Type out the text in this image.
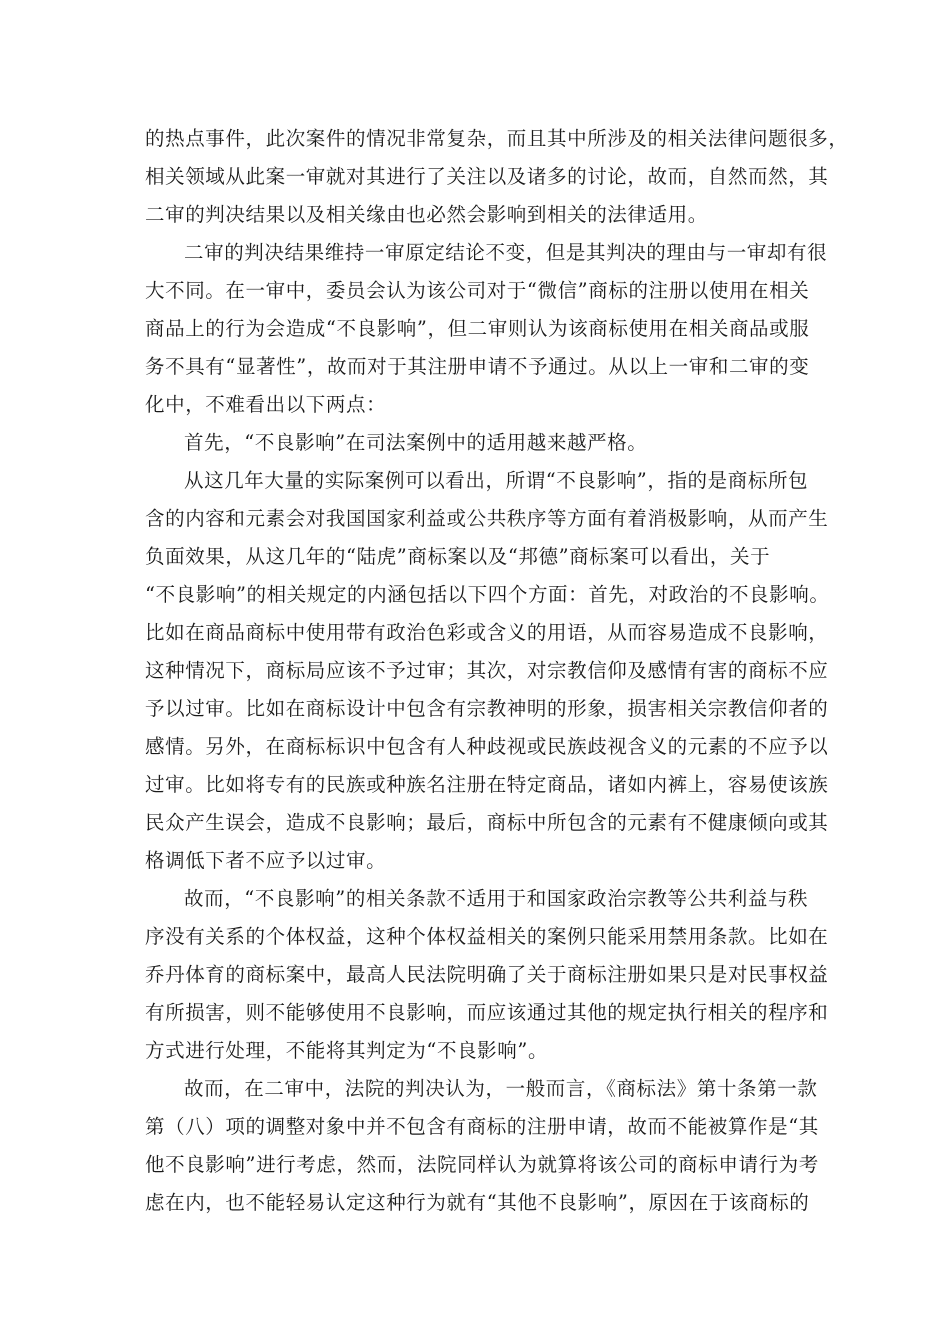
的热点事件，此次案件的情况非常复杂，而且其中所涉及的相关法律问题很多，

相关领域从此案一审就对其进行了关注以及诸多的讨论，故而，自然而然，其

二审的判决结果以及相关缘由也必然会影响到相关的法律适用。

二审的判决结果维持一审原定结论不变，但是其判决的理由与一审却有很

大不同。在一审中，委员会认为该公司对于“微信”商标的注册以使用在相关

商品上的行为会造成“不良影响”，但二审则认为该商标使用在相关商品或服

务不具有“显著性”，故而对于其注册申请不予通过。从以上一审和二审的变

化中，不难看出以下两点：

首先，“不良影响”在司法案例中的适用越来越严格。

从这几年大量的实际案例可以看出，所谓“不良影响”，指的是商标所包

含的内容和元素会对我国国家利益或公共秩序等方面有着消极影响，从而产生

负面效果，从这几年的“陆虎”商标案以及“邦德”商标案可以看出，关于

“不良影响”的相关规定的内涵包括以下四个方面：首先，对政治的不良影响。

比如在商品商标中使用带有政治色彩或含义的用语，从而容易造成不良影响，

这种情况下，商标局应该不予过审；其次，对宗教信仰及感情有害的商标不应

予以过审。比如在商标设计中包含有宗教神明的形象，损害相关宗教信仰者的

感情。另外，在商标标识中包含有人种歧视或民族歧视含义的元素的不应予以

过审。比如将专有的民族或种族名注册在特定商品，诸如内裤上，容易使该族

民众产生误会，造成不良影响；最后，商标中所包含的元素有不健康倾向或其

格调低下者不应予以过审。

故而，“不良影响”的相关条款不适用于和国家政治宗教等公共利益与秩

序没有关系的个体权益，这种个体权益相关的案例只能采用禁用条款。比如在

乔丹体育的商标案中，最高人民法院明确了关于商标注册如果只是对民事权益

有所损害，则不能够使用不良影响，而应该通过其他的规定执行相关的程序和

方式进行处理，不能将其判定为“不良影响”。

故而，在二审中，法院的判决认为，一般而言，《商标法》第十条第一款

第（八）项的调整对象中并不包含有商标的注册申请，故而不能被算作是“其

他不良影响”进行考虑，然而，法院同样认为就算将该公司的商标申请行为考

虑在内，也不能轻易认定这种行为就有“其他不良影响”，原因在于该商标的
